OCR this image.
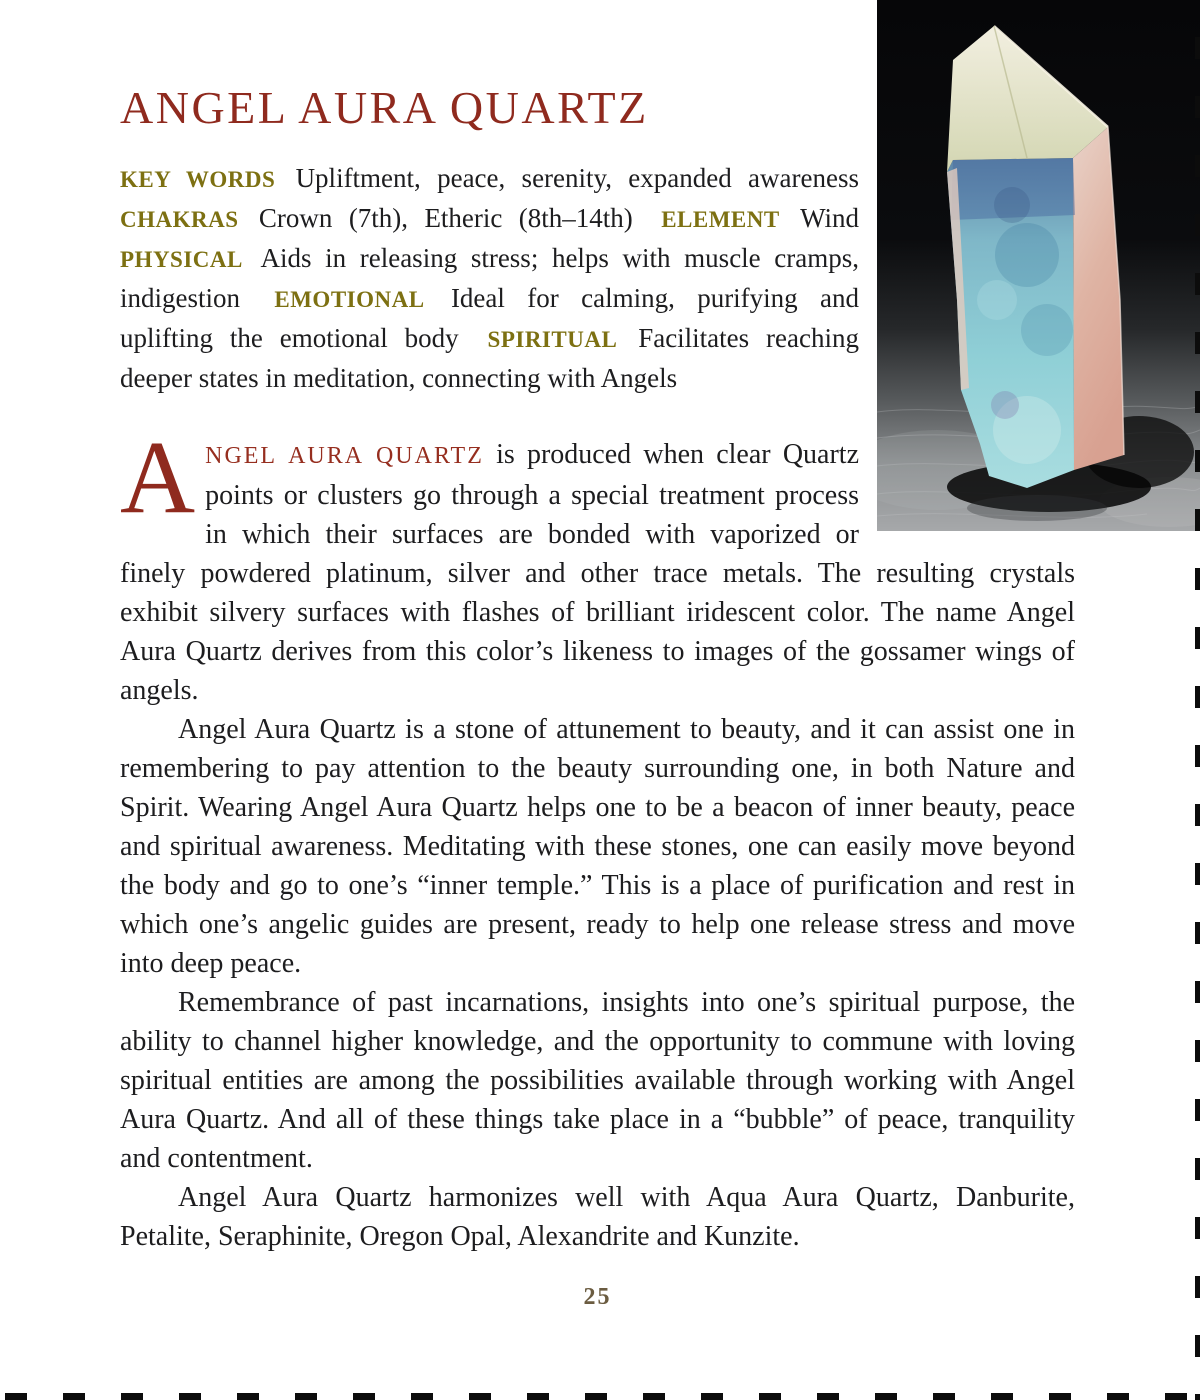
ANGEL AURA QUARTZ

KEY WORDS Upliftment, peace, serenity, expanded awareness CHAKRAS Crown (7th), Etheric (8th–14th) ELEMENT Wind PHYSICAL Aids in releasing stress; helps with muscle cramps, indigestion EMOTIONAL Ideal for calming, purifying and uplifting the emotional body SPIRITUAL Facilitates reaching deeper states in meditation, connecting with Angels

ANGEL AURA QUARTZ is produced when clear Quartz points or clusters go through a special treatment process in which their surfaces are bonded with vaporized or finely powdered platinum, silver and other trace metals. The resulting crystals exhibit silvery surfaces with flashes of brilliant iridescent color. The name Angel Aura Quartz derives from this color’s likeness to images of the gossamer wings of angels.

Angel Aura Quartz is a stone of attunement to beauty, and it can assist one in remembering to pay attention to the beauty surrounding one, in both Nature and Spirit. Wearing Angel Aura Quartz helps one to be a beacon of inner beauty, peace and spiritual awareness. Meditating with these stones, one can easily move beyond the body and go to one’s “inner temple.” This is a place of purification and rest in which one’s angelic guides are present, ready to help one release stress and move into deep peace.

Remembrance of past incarnations, insights into one’s spiritual purpose, the ability to channel higher knowledge, and the opportunity to commune with loving spiritual entities are among the possibilities available through working with Angel Aura Quartz. And all of these things take place in a “bubble” of peace, tranquility and contentment.

Angel Aura Quartz harmonizes well with Aqua Aura Quartz, Danburite, Petalite, Seraphinite, Oregon Opal, Alexandrite and Kunzite.

25
